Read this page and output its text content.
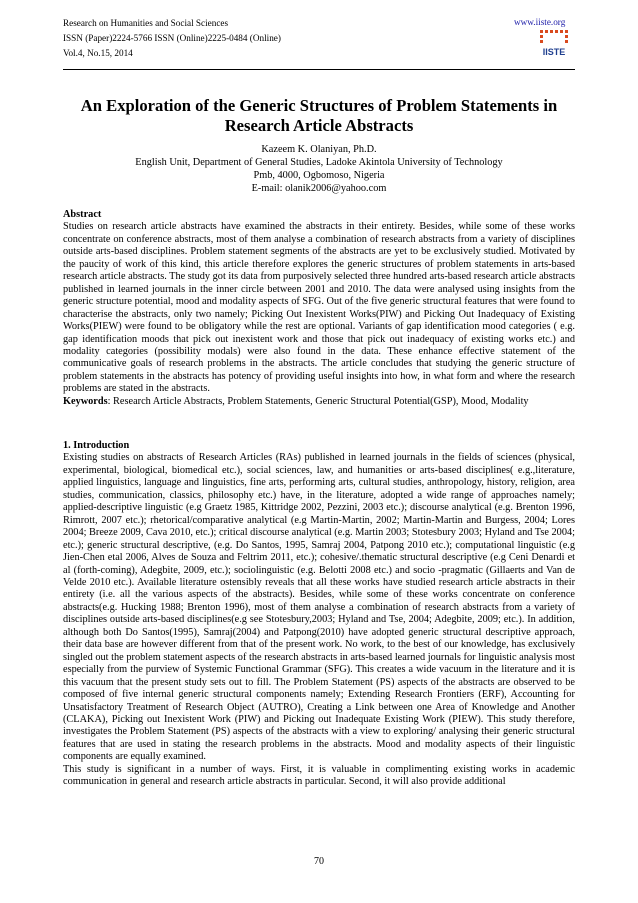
Research on Humanities and Social Sciences
ISSN (Paper)2224-5766 ISSN (Online)2225-0484 (Online)
Vol.4, No.15, 2014
www.iiste.org
IISTE
An Exploration of the Generic Structures of Problem Statements in Research Article Abstracts
Kazeem K. Olaniyan, Ph.D.
English Unit, Department of General Studies, Ladoke Akintola University of Technology
Pmb, 4000, Ogbomoso, Nigeria
E-mail: olanik2006@yahoo.com

Abstract

Studies on research article abstracts have examined the abstracts in their entirety. Besides, while some of these works concentrate on conference abstracts, most of them analyse a combination of research abstracts from a variety of disciplines outside arts-based disciplines. Problem statement segments of the abstracts are yet to be exclusively studied. Motivated by the paucity of work of this kind, this article therefore explores the generic structures of problem statements in arts-based research article abstracts. The study got its data from purposively selected three hundred arts-based research article abstracts published in learned journals in the inner circle between 2001 and 2010. The data were analysed using insights from the generic structure potential, mood and modality aspects of SFG. Out of the five generic structural features that were found to characterise the abstracts, only two namely; Picking Out Inexistent Works(PIW) and Picking Out Inadequacy of Existing Works(PIEW) were found to be obligatory while the rest are optional. Variants of gap identification mood categories ( e.g. gap identification moods that pick out inexistent work and those that pick out inadequacy of existing works etc.) and modality categories (possibility modals) were also found in the data. These enhance effective statement of the communicative goals of research problems in the abstracts. The article concludes that studying the generic structure of problem statements in the abstracts has potency of providing useful insights into how, in what form and where the research problems are stated in the abstracts.

Keywords: Research Article Abstracts, Problem Statements, Generic Structural Potential(GSP), Mood, Modality

1. Introduction

Existing studies on abstracts of Research Articles (RAs) published in learned journals in the fields of sciences (physical, experimental, biological, biomedical etc.), social sciences, law, and humanities or arts-based disciplines( e.g.,literature, applied linguistics, language and linguistics, fine arts, performing arts, cultural studies, anthropology, history, religion, area studies, communication, classics, philosophy etc.) have, in the literature, adopted a wide range of approaches namely; applied-descriptive linguistic (e.g Graetz 1985, Kittridge 2002, Pezzini, 2003 etc.); discourse analytical (e.g. Brenton 1996, Rimrott, 2007 etc.); rhetorical/comparative analytical (e.g Martin-Martin, 2002; Martin-Martin and Burgess, 2004; Lores 2004; Breeze 2009, Cava 2010, etc.); critical discourse analytical (e.g. Martin 2003; Stotesbury 2003; Hyland and Tse 2004; etc.); generic structural descriptive, (e.g. Do Santos, 1995, Samraj 2004, Patpong 2010 etc.); computational linguistic (e.g Jien-Chen etal 2006, Alves de Souza and Feltrim 2011, etc.); cohesive/.thematic structural descriptive (e.g Ceni Denardi et al (forth-coming), Adegbite, 2009, etc.); sociolinguistic (e.g. Belotti 2008 etc.) and socio -pragmatic (Gillaerts and Van de Velde 2010 etc.). Available literature ostensibly reveals that all these works have studied research article abstracts in their entirety (i.e. all the various aspects of the abstracts). Besides, while some of these works concentrate on conference abstracts(e.g. Hucking 1988; Brenton 1996), most of them analyse a combination of research abstracts from a variety of disciplines outside arts-based disciplines(e.g see Stotesbury,2003; Hyland and Tse, 2004; Adegbite, 2009; etc.). In addition, although both Do Santos(1995), Samraj(2004) and Patpong(2010) have adopted generic structural descriptive approach, their data base are however different from that of the present work. No work, to the best of our knowledge, has exclusively singled out the problem statement aspects of the research abstracts in arts-based learned journals for linguistic analysis most especially from the purview of Systemic Functional Grammar (SFG). This creates a wide vacuum in the literature and it is this vacuum that the present study sets out to fill. The Problem Statement (PS) aspects of the abstracts are observed to be composed of five internal generic structural components namely; Extending Research Frontiers (ERF), Accounting for Unsatisfactory Treatment of Research Object (AUTRO), Creating a Link between one Area of Knowledge and Another (CLAKA), Picking out Inexistent Work (PIW) and Picking out Inadequate Existing Work (PIEW). This study therefore, investigates the Problem Statement (PS) aspects of the abstracts with a view to exploring/ analysing their generic structural features that are used in stating the research problems in the abstracts. Mood and modality aspects of their linguistic components are equally examined.

This study is significant in a number of ways. First, it is valuable in complimenting existing works in academic communication in general and research article abstracts in particular. Second, it will also provide additional

70
